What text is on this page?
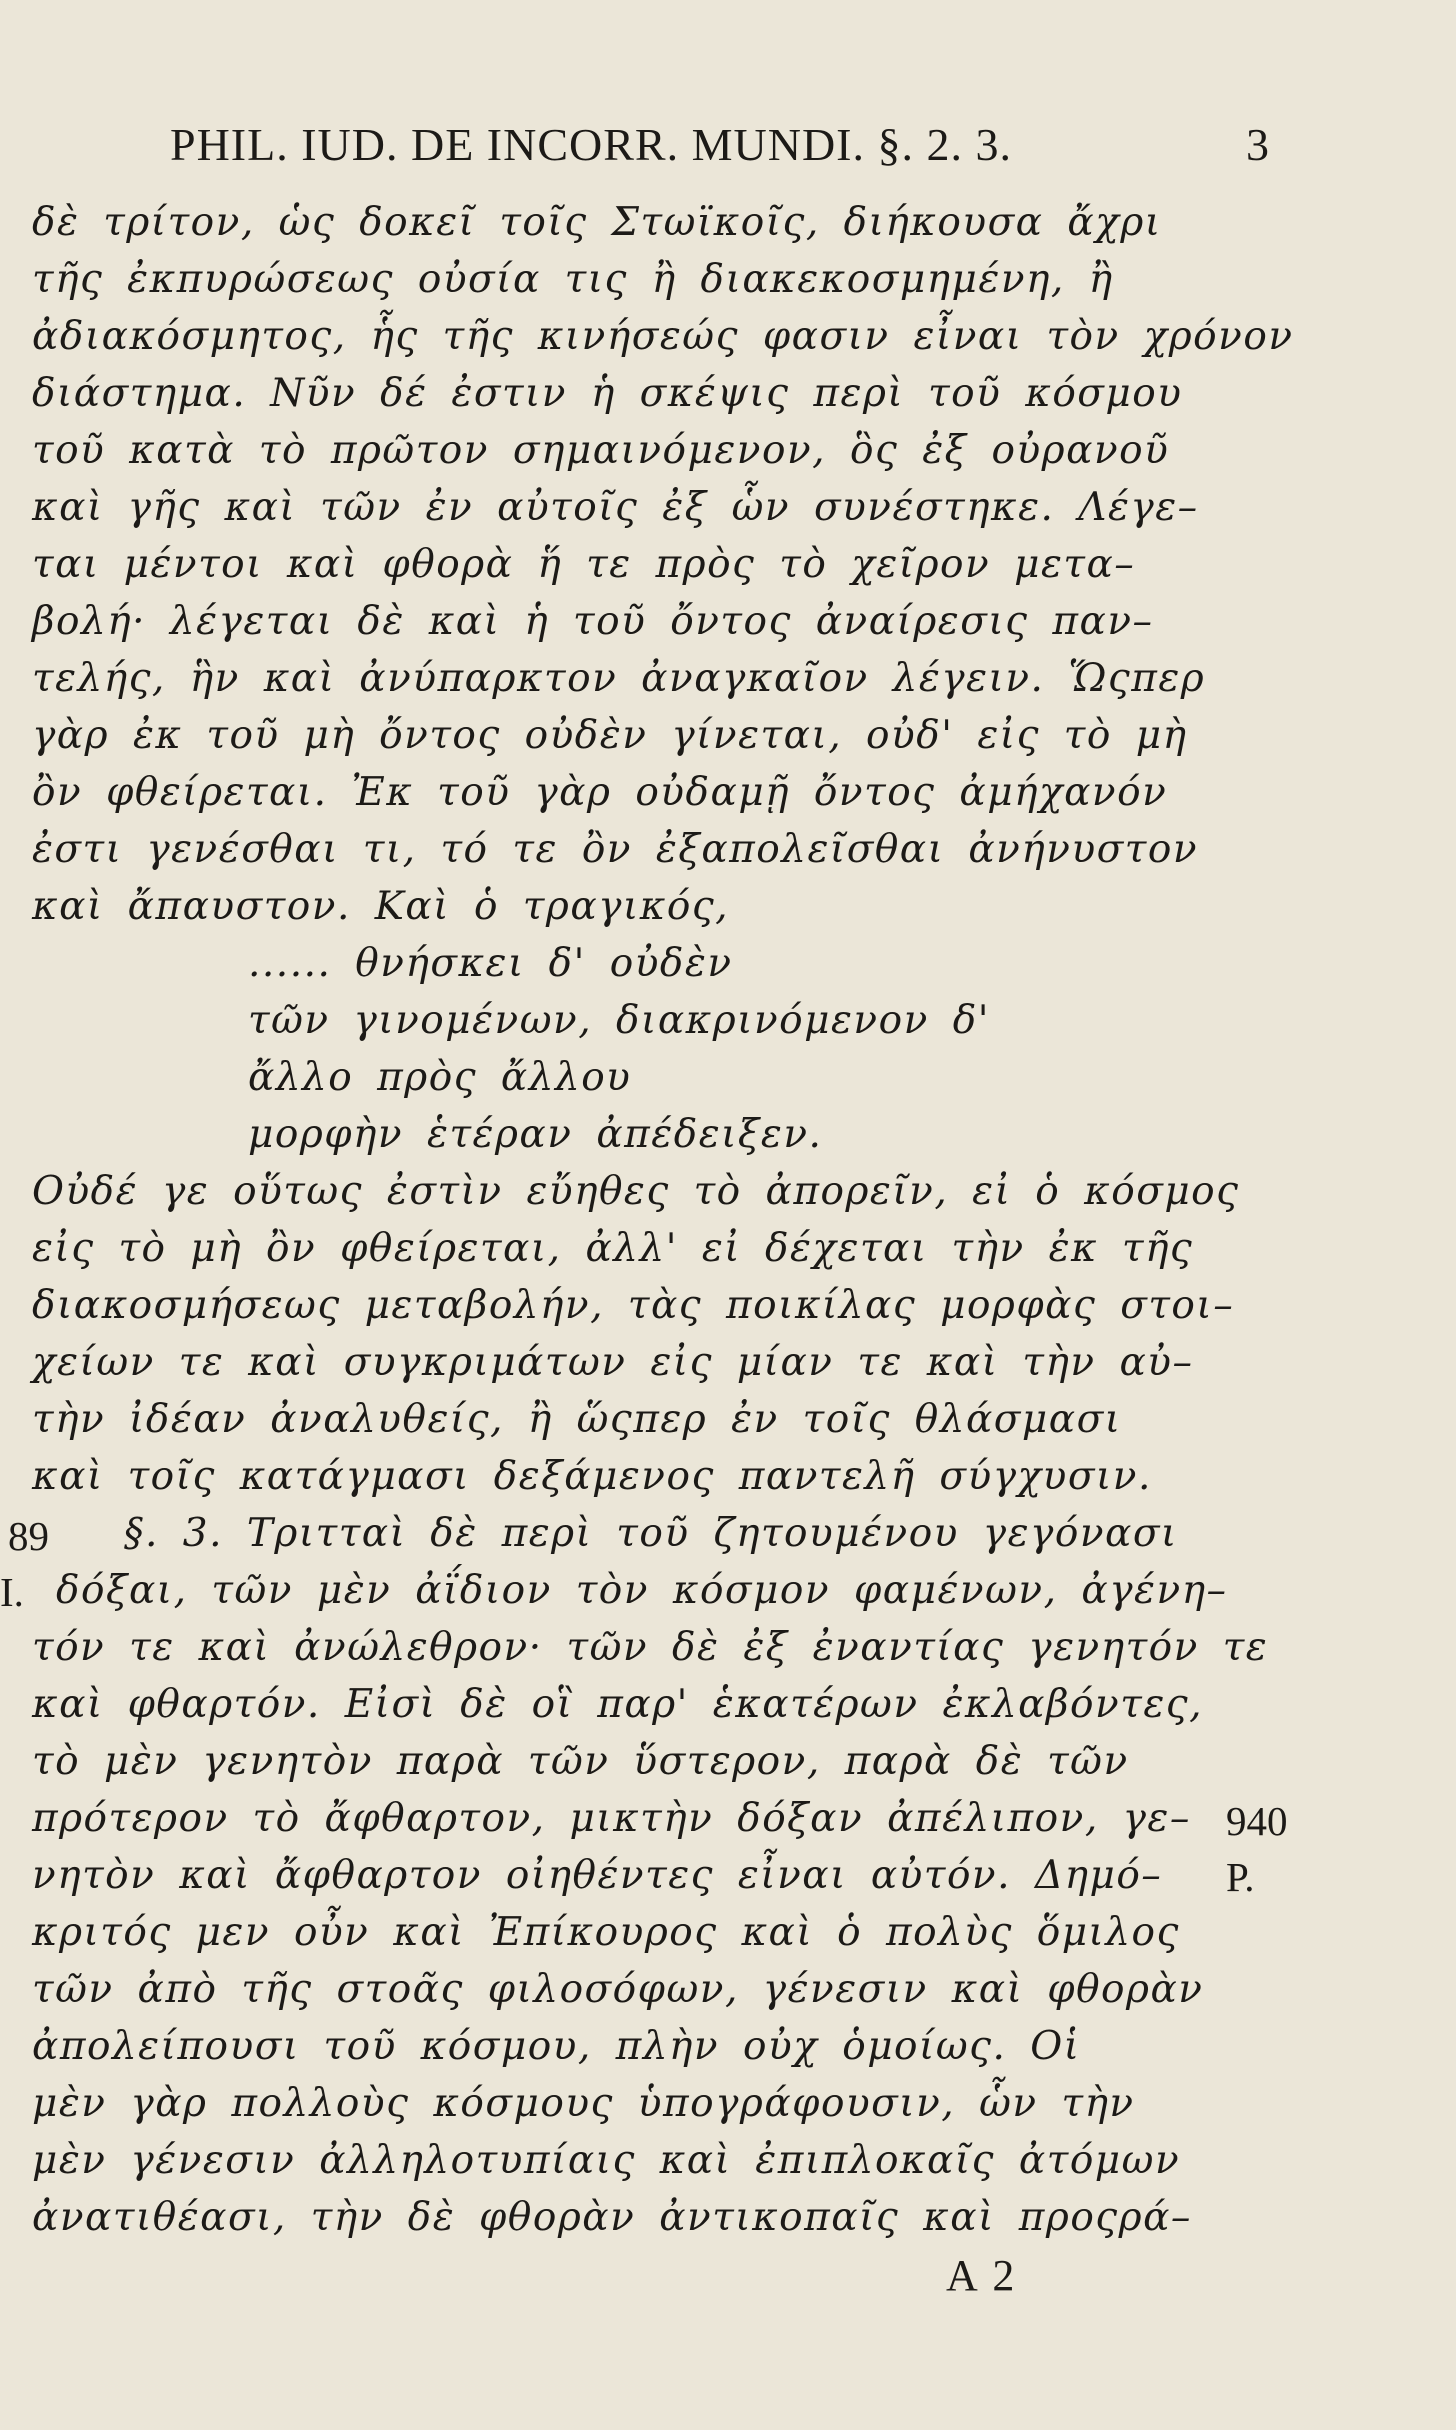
PHIL. IUD. DE INCORR. MUNDI. §. 2. 3.	3
δὲ τρίτον, ὡς δοκεῖ τοῖς Στωϊκοῖς, διήκουσα ἄχρι
τῆς ἐκπυρώσεως οὐσία τις ἢ διακεκοσμημένη, ἢ
ἀδιακόσμητος, ἧς τῆς κινήσεώς φασιν εἶναι τὸν χρόνον
διάστημα. Νῦν δέ ἐστιν ἡ σκέψις περὶ τοῦ κόσμου
τοῦ κατὰ τὸ πρῶτον σημαινόμενον, ὃς ἐξ οὐρανοῦ
καὶ γῆς καὶ τῶν ἐν αὐτοῖς ἐξ ὧν συνέστηκε. Λέγε–
ται μέντοι καὶ φθορὰ ἥ τε πρὸς τὸ χεῖρον μετα–
βολή· λέγεται δὲ καὶ ἡ τοῦ ὄντος ἀναίρεσις παν–
τελής, ἣν καὶ ἀνύπαρκτον ἀναγκαῖον λέγειν. Ὥςπερ
γὰρ ἐκ τοῦ μὴ ὄντος οὐδὲν γίνεται, οὐδ' εἰς τὸ μὴ
ὂν φθείρεται. Ἐκ τοῦ γὰρ οὐδαμῇ ὄντος ἀμήχανόν
ἐστι γενέσθαι τι, τό τε ὂν ἐξαπολεῖσθαι ἀνήνυστον
καὶ ἄπαυστον. Καὶ ὁ τραγικός,
...... θνήσκει δ' οὐδὲν
τῶν γινομένων, διακρινόμενον δ'
ἄλλο πρὸς ἄλλου
μορφὴν ἑτέραν ἀπέδειξεν.
Οὐδέ γε οὕτως ἐστὶν εὔηθες τὸ ἀπορεῖν, εἰ ὁ κόσμος
εἰς τὸ μὴ ὂν φθείρεται, ἀλλ' εἰ δέχεται τὴν ἐκ τῆς
διακοσμήσεως μεταβολήν, τὰς ποικίλας μορφὰς στοι–
χείων τε καὶ συγκριμάτων εἰς μίαν τε καὶ τὴν αὐ–
τὴν ἰδέαν ἀναλυθείς, ἢ ὥςπερ ἐν τοῖς θλάσμασι
καὶ τοῖς κατάγμασι δεξάμενος παντελῆ σύγχυσιν.
§. 3. Τριτταὶ δὲ περὶ τοῦ ζητουμένου γεγόνασι
δόξαι, τῶν μὲν ἀΐδιον τὸν κόσμον φαμένων, ἀγένη–
τόν τε καὶ ἀνώλεθρον· τῶν δὲ ἐξ ἐναντίας γενητόν τε
καὶ φθαρτόν. Εἰσὶ δὲ οἳ παρ' ἑκατέρων ἐκλαβόντες,
τὸ μὲν γενητὸν παρὰ τῶν ὕστερον, παρὰ δὲ τῶν
πρότερον τὸ ἄφθαρτον, μικτὴν δόξαν ἀπέλιπον, γε–
νητὸν καὶ ἄφθαρτον οἰηθέντες εἶναι αὐτόν. Δημό–
κριτός μεν οὖν καὶ Ἐπίκουρος καὶ ὁ πολὺς ὅμιλος
τῶν ἀπὸ τῆς στοᾶς φιλοσόφων, γένεσιν καὶ φθορὰν
ἀπολείπουσι τοῦ κόσμου, πλὴν οὐχ ὁμοίως. Οἱ
μὲν γὰρ πολλοὺς κόσμους ὑπογράφουσιν, ὧν τὴν
μὲν γένεσιν ἀλληλοτυπίαις καὶ ἐπιπλοκαῖς ἀτόμων
ἀνατιθέασι, τὴν δὲ φθορὰν ἀντικοπαῖς καὶ προςρά–
89
I.
940
P.
A 2
